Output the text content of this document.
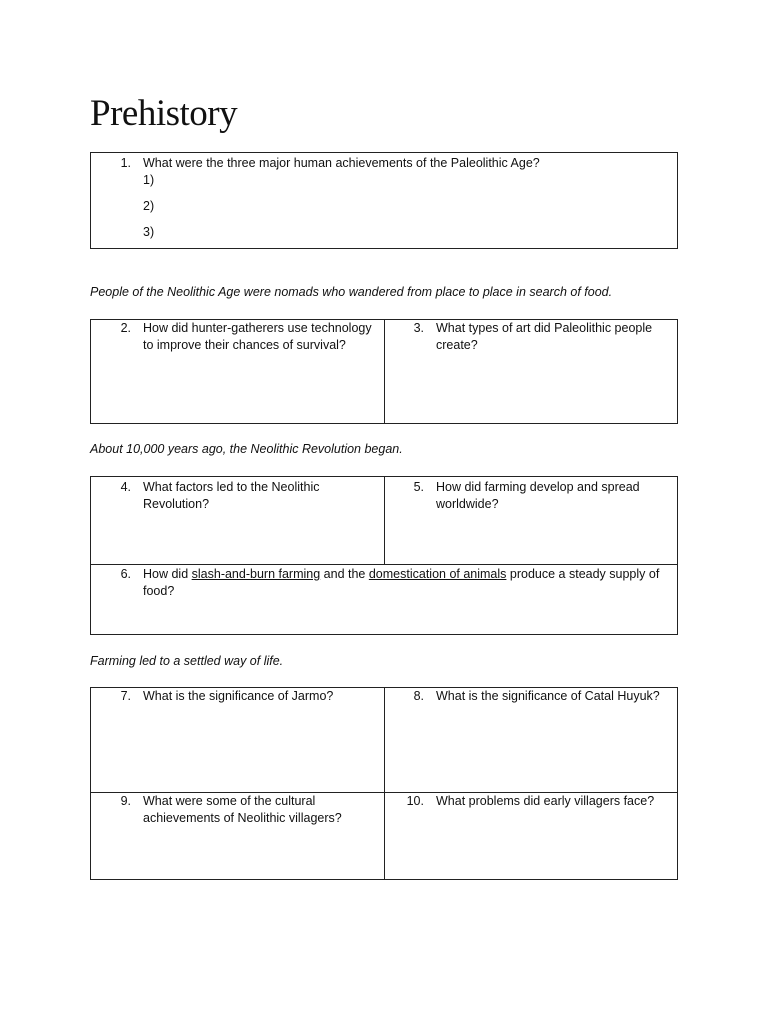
Prehistory
1. What were the three major human achievements of the Paleolithic Age?
1)
2)
3)
People of the Neolithic Age were nomads who wandered from place to place in search of food.
2. How did hunter-gatherers use technology
to improve their chances of survival?
3. What types of art did Paleolithic people
create?
About 10,000 years ago, the Neolithic Revolution began.
4. What factors led to the Neolithic
Revolution?
5. How did farming develop and spread
worldwide?
6. How did slash-and-burn farming and the domestication of animals produce a steady supply of
food?
Farming led to a settled way of life.
7. What is the significance of Jarmo?	8. What is the significance of Catal Huyuk?
9. What were some of the cultural
achievements of Neolithic villagers?
10. What problems did early villagers face?
